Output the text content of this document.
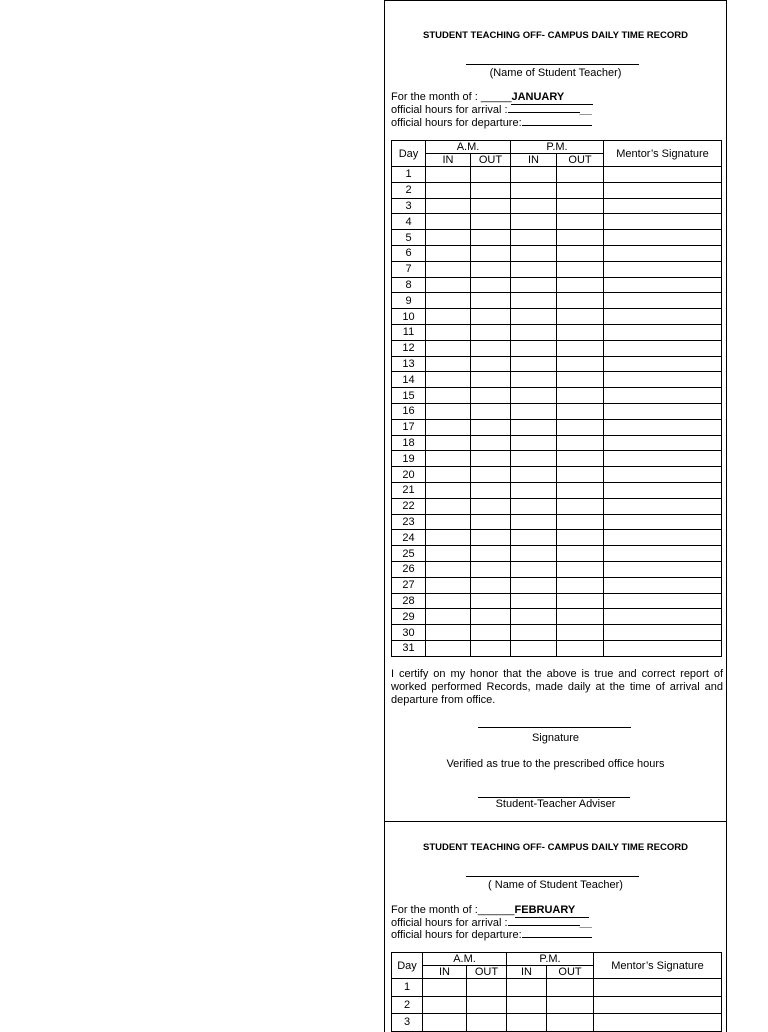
STUDENT TEACHING OFF- CAMPUS DAILY TIME RECORD
(Name of Student Teacher)
For the month of : _____JANUARY
official hours for arrival :	__
official hours for departure:
Day	A.M.		P.M.		Mentor’s Signature
	IN	OUT	IN	OUT	
1					
2					
3					
4					
5					
6					
7					
8					
9					
10					
11					
12					
13					
14					
15					
16					
17					
18					
19					
20					
21					
22					
23					
24					
25					
26					
27					
28					
29					
30					
31					
I certify on my honor that the above is true and correct report of worked performed Records, made daily at the time of arrival and departure from office.
Signature
Verified as true to the prescribed office hours
Student-Teacher Adviser
STUDENT TEACHING OFF- CAMPUS DAILY TIME RECORD
( Name of Student Teacher)
For the month of :______FEBRUARY
official hours for arrival :	__
official hours for departure:
Day	A.M.		P.M.		Mentor’s Signature
	IN	OUT	IN	OUT	
1					
2					
3					
